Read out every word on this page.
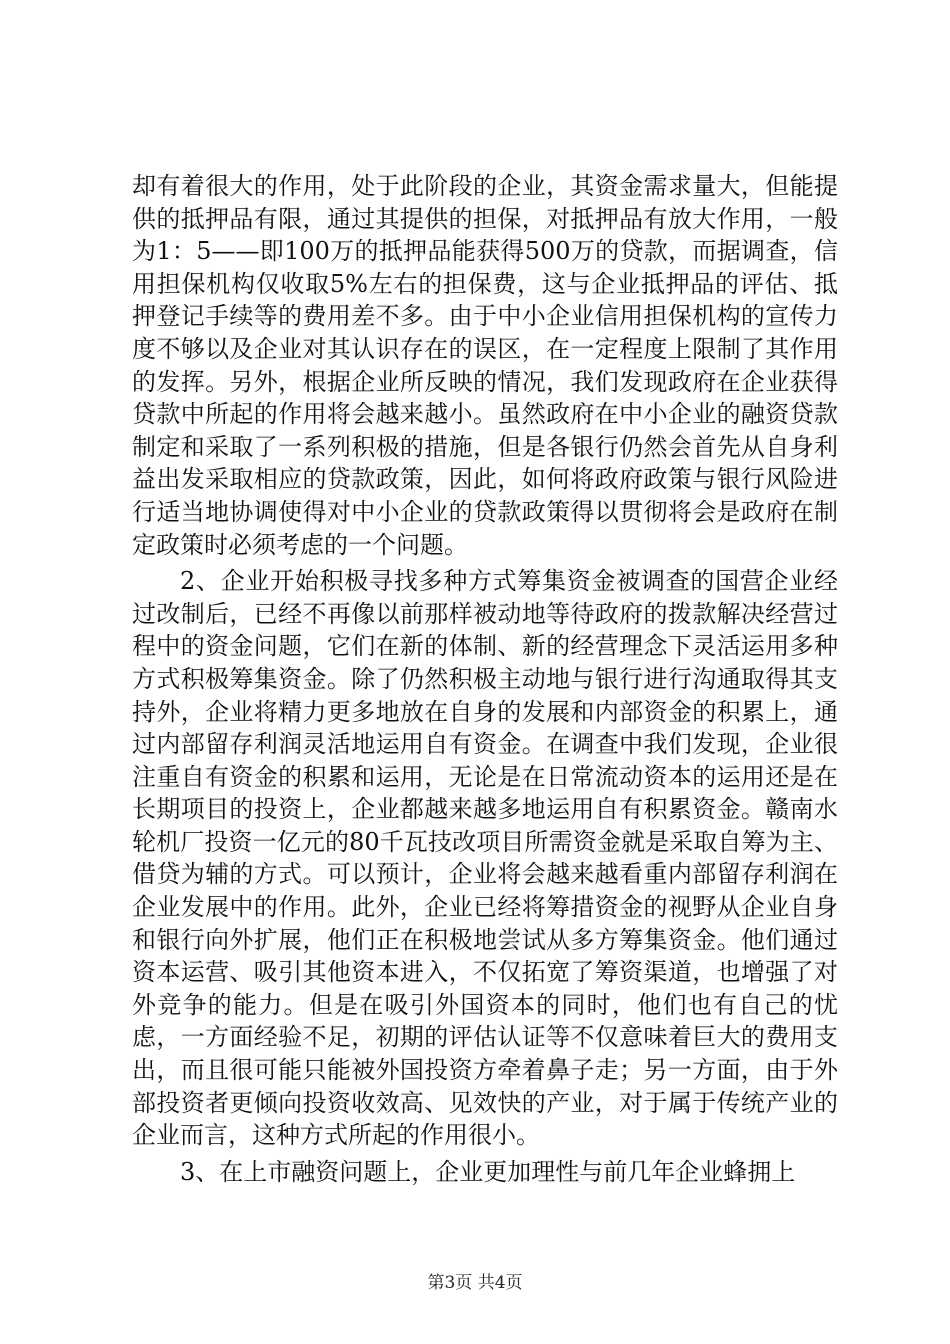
却有着很大的作用，处于此阶段的企业，其资金需求量大，但能提供的抵押品有限，通过其提供的担保，对抵押品有放大作用，一般为1：5——即100万的抵押品能获得500万的贷款，而据调查，信用担保机构仅收取5%左右的担保费，这与企业抵押品的评估、抵押登记手续等的费用差不多。由于中小企业信用担保机构的宣传力度不够以及企业对其认识存在的误区，在一定程度上限制了其作用的发挥。另外，根据企业所反映的情况，我们发现政府在企业获得贷款中所起的作用将会越来越小。虽然政府在中小企业的融资贷款制定和采取了一系列积极的措施，但是各银行仍然会首先从自身利益出发采取相应的贷款政策，因此，如何将政府政策与银行风险进行适当地协调使得对中小企业的贷款政策得以贯彻将会是政府在制定政策时必须考虑的一个问题。

2、企业开始积极寻找多种方式筹集资金被调查的国营企业经过改制后，已经不再像以前那样被动地等待政府的拨款解决经营过程中的资金问题，它们在新的体制、新的经营理念下灵活运用多种方式积极筹集资金。除了仍然积极主动地与银行进行沟通取得其支持外，企业将精力更多地放在自身的发展和内部资金的积累上，通过内部留存利润灵活地运用自有资金。在调查中我们发现，企业很注重自有资金的积累和运用，无论是在日常流动资本的运用还是在长期项目的投资上，企业都越来越多地运用自有积累资金。赣南水轮机厂投资一亿元的80千瓦技改项目所需资金就是采取自筹为主、借贷为辅的方式。可以预计，企业将会越来越看重内部留存利润在企业发展中的作用。此外，企业已经将筹措资金的视野从企业自身和银行向外扩展，他们正在积极地尝试从多方筹集资金。他们通过资本运营、吸引其他资本进入，不仅拓宽了筹资渠道，也增强了对外竞争的能力。但是在吸引外国资本的同时，他们也有自己的忧虑，一方面经验不足，初期的评估认证等不仅意味着巨大的费用支出，而且很可能只能被外国投资方牵着鼻子走；另一方面，由于外部投资者更倾向投资收效高、见效快的产业，对于属于传统产业的企业而言，这种方式所起的作用很小。

3、在上市融资问题上，企业更加理性与前几年企业蜂拥上

第3页 共4页
